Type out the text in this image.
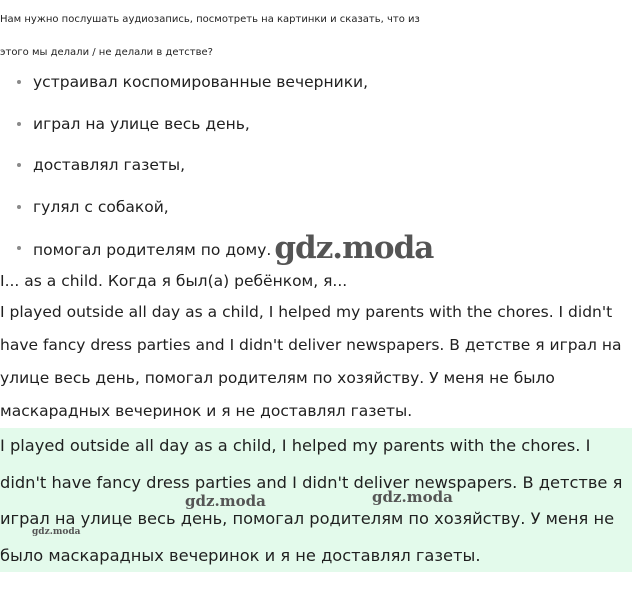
Нам нужно послушать аудиозапись, посмотреть на картинки и сказать, что из
этого мы делали / не делали в детстве?

устраивал коспомированные вечерники,
играл на улице весь день,
доставлял газеты,
гулял с собакой,
помогал родителям по дому.gdz.moda

I... as a child. Когда я был(а) ребёнком, я...

I played outside all day as a child, I helped my parents with the chores. I didn't
have fancy dress parties and I didn't deliver newspapers. В детстве я играл на
улице весь день, помогал родителям по хозяйству. У меня не было
маскарадных вечеринок и я не доставлял газеты.

I played outside all day as a child, I helped my parents with the chores. I
didn't have fancy dress parties and I didn't deliver newspapers. В детстве я
играл на улице весь день, помогал родителям по хозяйству. У меня не
было маскарадных вечеринок и я не доставлял газеты.

gdz.moda	gdz.moda
gdz.moda
